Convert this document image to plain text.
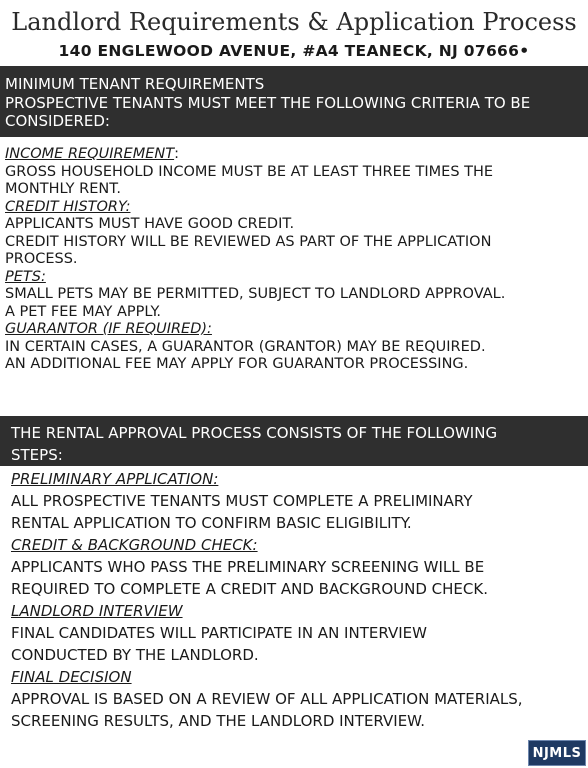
Landlord Requirements & Application Process
140 ENGLEWOOD AVENUE, #A4 TEANECK, NJ 07666•
MINIMUM TENANT REQUIREMENTS
PROSPECTIVE TENANTS MUST MEET THE FOLLOWING CRITERIA TO BE
CONSIDERED:
INCOME REQUIREMENT:
GROSS HOUSEHOLD INCOME MUST BE AT LEAST THREE TIMES THE
MONTHLY RENT.
CREDIT HISTORY:
APPLICANTS MUST HAVE GOOD CREDIT.
CREDIT HISTORY WILL BE REVIEWED AS PART OF THE APPLICATION
PROCESS.
PETS:
SMALL PETS MAY BE PERMITTED, SUBJECT TO LANDLORD APPROVAL.
A PET FEE MAY APPLY.
GUARANTOR (IF REQUIRED):
IN CERTAIN CASES, A GUARANTOR (GRANTOR) MAY BE REQUIRED.
AN ADDITIONAL FEE MAY APPLY FOR GUARANTOR PROCESSING.
THE RENTAL APPROVAL PROCESS CONSISTS OF THE FOLLOWING
STEPS:
PRELIMINARY APPLICATION:
ALL PROSPECTIVE TENANTS MUST COMPLETE A PRELIMINARY
RENTAL APPLICATION TO CONFIRM BASIC ELIGIBILITY.
CREDIT & BACKGROUND CHECK:
APPLICANTS WHO PASS THE PRELIMINARY SCREENING WILL BE
REQUIRED TO COMPLETE A CREDIT AND BACKGROUND CHECK.
LANDLORD INTERVIEW
FINAL CANDIDATES WILL PARTICIPATE IN AN INTERVIEW
CONDUCTED BY THE LANDLORD.
FINAL DECISION
APPROVAL IS BASED ON A REVIEW OF ALL APPLICATION MATERIALS,
SCREENING RESULTS, AND THE LANDLORD INTERVIEW.
NJMLS
